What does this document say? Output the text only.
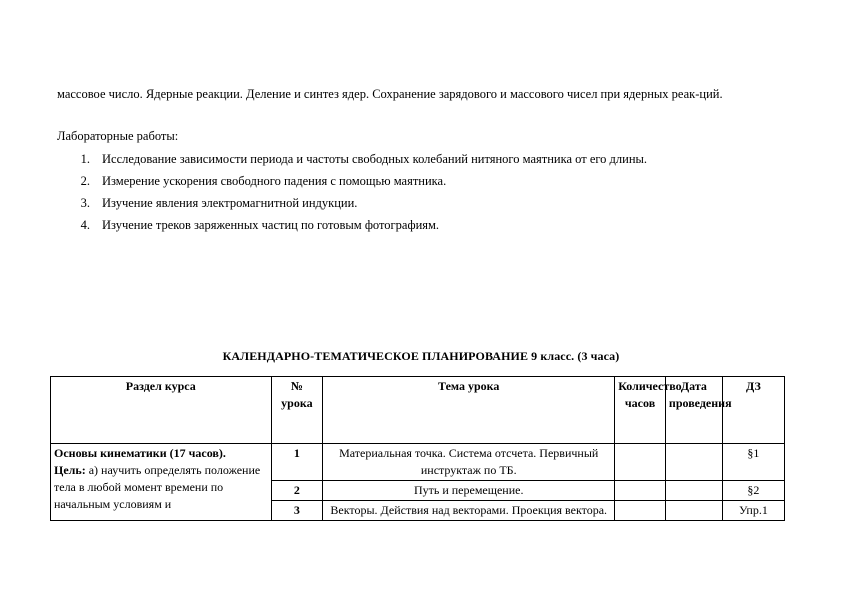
массовое число. Ядерные реакции. Деление и синтез ядер. Сохранение зарядового и массового чисел при ядерных реак-ций.
Лабораторные работы:
1. Исследование зависимости периода и частоты свободных колебаний нитяного маятника от его длины.
2. Измерение ускорения свободного падения с помощью маятника.
3. Изучение явления электромагнитной индукции.
4. Изучение треков заряженных частиц по готовым фотографиям.
КАЛЕНДАРНО-ТЕМАТИЧЕСКОЕ ПЛАНИРОВАНИЕ 9 класс. (3 часа)
Раздел курса	№ урока	Тема урока	Количество часов	Дата проведения	ДЗ
Основы кинематики (17 часов).
Цель: а) научить определять положение тела в любой момент времени по начальным условиям и	1	Материальная точка. Система отсчета. Первичный инструктаж по ТБ.			§1
	2	Путь и перемещение.			§2
	3	Векторы. Действия над векторами. Проекция вектора.			Упр.1
